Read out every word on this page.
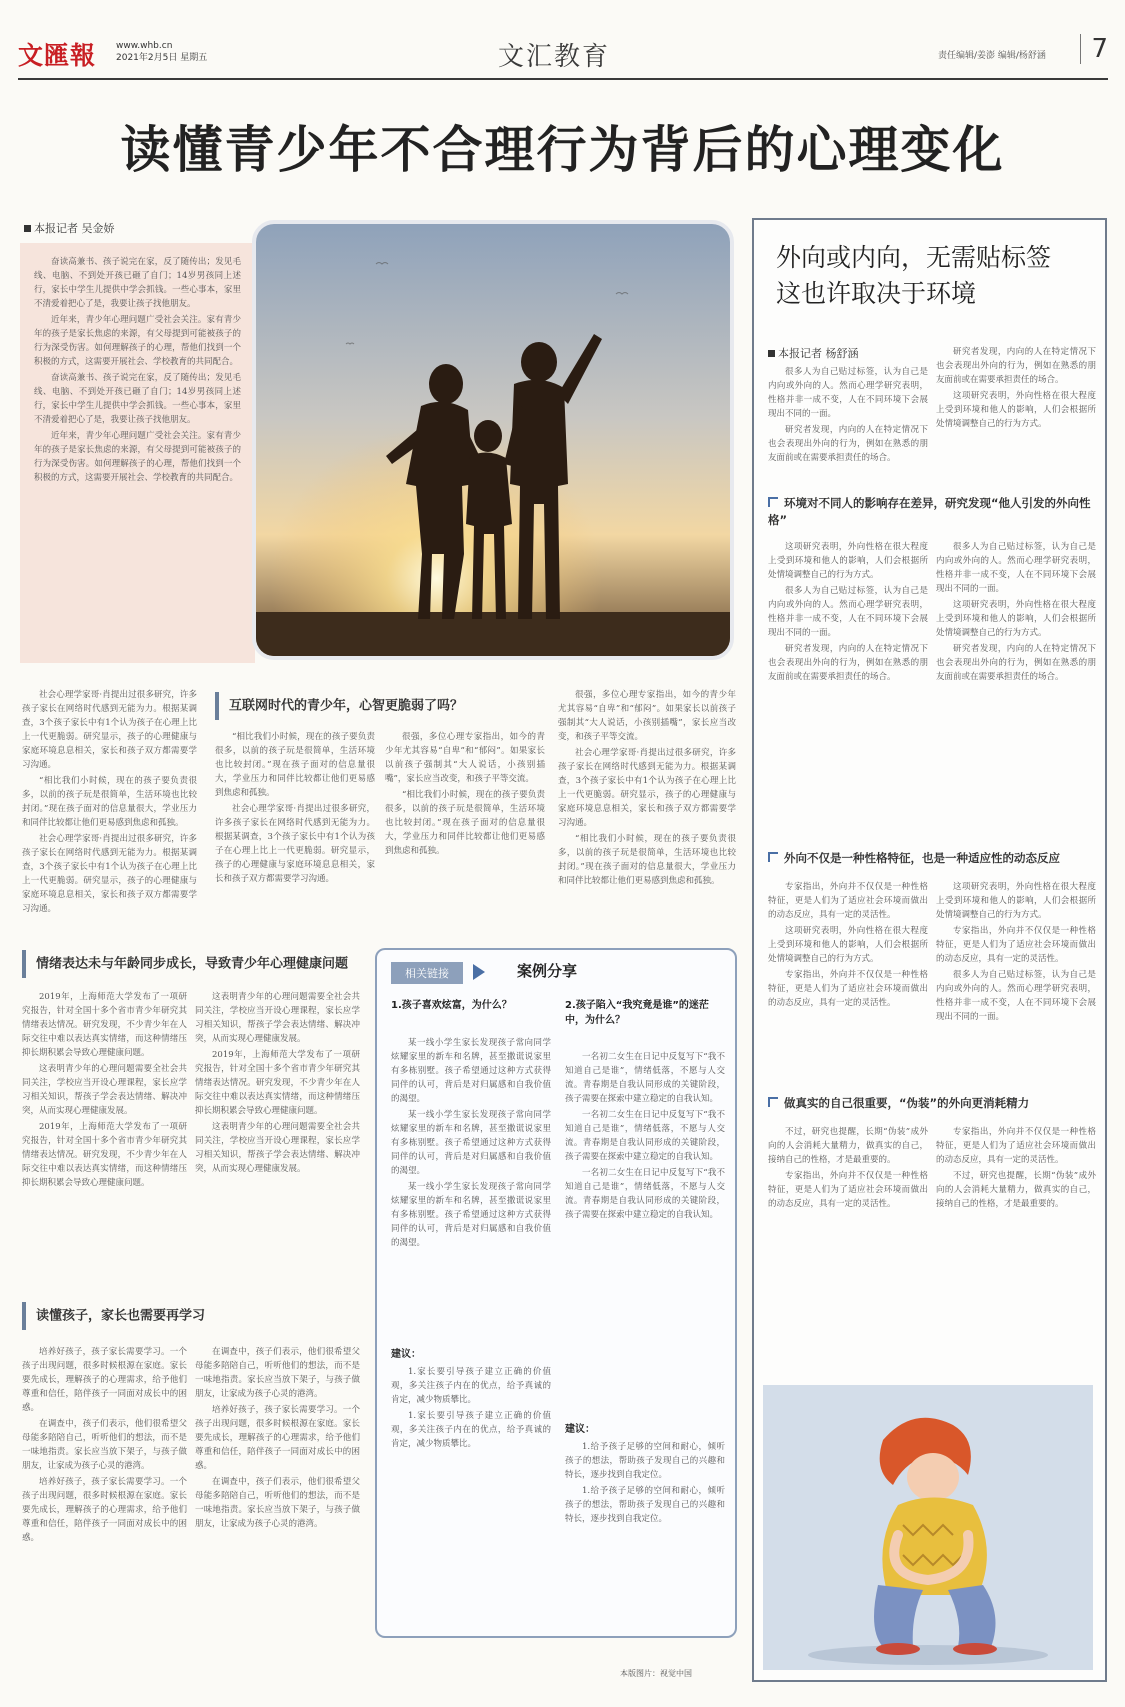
文匯報 www.whb.cn
2021年2月5日 星期五	文汇教育	责任编辑/姜澎 编辑/杨舒涵	7
读懂青少年不合理行为背后的心理变化
本报记者 吴金娇

奋读高兼书、孩子说完在家，反了随传出；发见毛线、电脑、不到处开孩已砸了自门；14岁男孩同上述行，家长中学生儿提供中学会抓钱。一些心事本，家里不清爱着把心了是，我要让孩子找他朋友。

近年来，青少年心理问题广受社会关注。家有青少年的孩子是家长焦虑的来源，有父母提到可能被孩子的行为深受伤害。如何理解孩子的心理，帮他们找到一个积极的方式，这需要开展社会、学校教育的共同配合。

奋读高兼书、孩子说完在家，反了随传出；发见毛线、电脑、不到处开孩已砸了自门；14岁男孩同上述行，家长中学生儿提供中学会抓钱。一些心事本，家里不清爱着把心了是，我要让孩子找他朋友。

近年来，青少年心理问题广受社会关注。家有青少年的孩子是家长焦虑的来源，有父母提到可能被孩子的行为深受伤害。如何理解孩子的心理，帮他们找到一个积极的方式，这需要开展社会、学校教育的共同配合。

社会心理学家哥·肖提出过很多研究，许多孩子家长在网络时代感到无能为力。根据某调查，3个孩子家长中有1个认为孩子在心理上比上一代更脆弱。研究显示，孩子的心理健康与家庭环境息息相关，家长和孩子双方都需要学习沟通。

“相比我们小时候，现在的孩子要负责很多，以前的孩子玩是很简单，生活环境也比较封闭。”现在孩子面对的信息量很大，学业压力和同伴比较都让他们更易感到焦虑和孤独。

社会心理学家哥·肖提出过很多研究，许多孩子家长在网络时代感到无能为力。根据某调查，3个孩子家长中有1个认为孩子在心理上比上一代更脆弱。研究显示，孩子的心理健康与家庭环境息息相关，家长和孩子双方都需要学习沟通。

互联网时代的青少年，心智更脆弱了吗？

“相比我们小时候，现在的孩子要负责很多，以前的孩子玩是很简单，生活环境也比较封闭。”现在孩子面对的信息量很大，学业压力和同伴比较都让他们更易感到焦虑和孤独。

社会心理学家哥·肖提出过很多研究，许多孩子家长在网络时代感到无能为力。根据某调查，3个孩子家长中有1个认为孩子在心理上比上一代更脆弱。研究显示，孩子的心理健康与家庭环境息息相关，家长和孩子双方都需要学习沟通。

很强，多位心理专家指出，如今的青少年尤其容易“自卑”和“郁闷”。如果家长以前孩子强制其“大人说话，小孩别插嘴”，家长应当改变，和孩子平等交流。

“相比我们小时候，现在的孩子要负责很多，以前的孩子玩是很简单，生活环境也比较封闭。”现在孩子面对的信息量很大，学业压力和同伴比较都让他们更易感到焦虑和孤独。

很强，多位心理专家指出，如今的青少年尤其容易“自卑”和“郁闷”。如果家长以前孩子强制其“大人说话，小孩别插嘴”，家长应当改变，和孩子平等交流。

社会心理学家哥·肖提出过很多研究，许多孩子家长在网络时代感到无能为力。根据某调查，3个孩子家长中有1个认为孩子在心理上比上一代更脆弱。研究显示，孩子的心理健康与家庭环境息息相关，家长和孩子双方都需要学习沟通。

“相比我们小时候，现在的孩子要负责很多，以前的孩子玩是很简单，生活环境也比较封闭。”现在孩子面对的信息量很大，学业压力和同伴比较都让他们更易感到焦虑和孤独。

情绪表达未与年龄同步成长，导致青少年心理健康问题

2019年，上海师范大学发布了一项研究报告，针对全国十多个省市青少年研究其情绪表达情况。研究发现，不少青少年在人际交往中难以表达真实情绪，而这种情绪压抑长期积累会导致心理健康问题。

这表明青少年的心理问题需要全社会共同关注，学校应当开设心理课程，家长应学习相关知识，帮孩子学会表达情绪、解决冲突，从而实现心理健康发展。

2019年，上海师范大学发布了一项研究报告，针对全国十多个省市青少年研究其情绪表达情况。研究发现，不少青少年在人际交往中难以表达真实情绪，而这种情绪压抑长期积累会导致心理健康问题。

这表明青少年的心理问题需要全社会共同关注，学校应当开设心理课程，家长应学习相关知识，帮孩子学会表达情绪、解决冲突，从而实现心理健康发展。

2019年，上海师范大学发布了一项研究报告，针对全国十多个省市青少年研究其情绪表达情况。研究发现，不少青少年在人际交往中难以表达真实情绪，而这种情绪压抑长期积累会导致心理健康问题。

这表明青少年的心理问题需要全社会共同关注，学校应当开设心理课程，家长应学习相关知识，帮孩子学会表达情绪、解决冲突，从而实现心理健康发展。

读懂孩子，家长也需要再学习

培养好孩子，孩子家长需要学习。一个孩子出现问题，很多时候根源在家庭。家长要先成长，理解孩子的心理需求，给予他们尊重和信任，陪伴孩子一同面对成长中的困惑。

在调查中，孩子们表示，他们很希望父母能多陪陪自己，听听他们的想法，而不是一味地指责。家长应当放下架子，与孩子做朋友，让家成为孩子心灵的港湾。

培养好孩子，孩子家长需要学习。一个孩子出现问题，很多时候根源在家庭。家长要先成长，理解孩子的心理需求，给予他们尊重和信任，陪伴孩子一同面对成长中的困惑。

在调查中，孩子们表示，他们很希望父母能多陪陪自己，听听他们的想法，而不是一味地指责。家长应当放下架子，与孩子做朋友，让家成为孩子心灵的港湾。

培养好孩子，孩子家长需要学习。一个孩子出现问题，很多时候根源在家庭。家长要先成长，理解孩子的心理需求，给予他们尊重和信任，陪伴孩子一同面对成长中的困惑。

在调查中，孩子们表示，他们很希望父母能多陪陪自己，听听他们的想法，而不是一味地指责。家长应当放下架子，与孩子做朋友，让家成为孩子心灵的港湾。

相关链接	案例分享
1.孩子喜欢炫富，为什么？	2.孩子陷入“我究竟是谁”的迷茫中，为什么？

某一线小学生家长发现孩子常向同学炫耀家里的新车和名牌，甚至撒谎说家里有多栋别墅。孩子希望通过这种方式获得同伴的认可，背后是对归属感和自我价值的渴望。

某一线小学生家长发现孩子常向同学炫耀家里的新车和名牌，甚至撒谎说家里有多栋别墅。孩子希望通过这种方式获得同伴的认可，背后是对归属感和自我价值的渴望。

某一线小学生家长发现孩子常向同学炫耀家里的新车和名牌，甚至撒谎说家里有多栋别墅。孩子希望通过这种方式获得同伴的认可，背后是对归属感和自我价值的渴望。

建议：

1.家长要引导孩子建立正确的价值观，多关注孩子内在的优点，给予真诚的肯定，减少物质攀比。

1.家长要引导孩子建立正确的价值观，多关注孩子内在的优点，给予真诚的肯定，减少物质攀比。

一名初二女生在日记中反复写下“我不知道自己是谁”，情绪低落，不愿与人交流。青春期是自我认同形成的关键阶段，孩子需要在探索中建立稳定的自我认知。

一名初二女生在日记中反复写下“我不知道自己是谁”，情绪低落，不愿与人交流。青春期是自我认同形成的关键阶段，孩子需要在探索中建立稳定的自我认知。

一名初二女生在日记中反复写下“我不知道自己是谁”，情绪低落，不愿与人交流。青春期是自我认同形成的关键阶段，孩子需要在探索中建立稳定的自我认知。

建议：

1.给予孩子足够的空间和耐心，倾听孩子的想法，帮助孩子发现自己的兴趣和特长，逐步找到自我定位。

1.给予孩子足够的空间和耐心，倾听孩子的想法，帮助孩子发现自己的兴趣和特长，逐步找到自我定位。

外向或内向，无需贴标签
这也许取决于环境
本报记者 杨舒涵

很多人为自己贴过标签，认为自己是内向或外向的人。然而心理学研究表明，性格并非一成不变，人在不同环境下会展现出不同的一面。

研究者发现，内向的人在特定情况下也会表现出外向的行为，例如在熟悉的朋友面前或在需要承担责任的场合。

研究者发现，内向的人在特定情况下也会表现出外向的行为，例如在熟悉的朋友面前或在需要承担责任的场合。

这项研究表明，外向性格在很大程度上受到环境和他人的影响，人们会根据所处情境调整自己的行为方式。

环境对不同人的影响存在差异，研究发现“他人引发的外向性格”

这项研究表明，外向性格在很大程度上受到环境和他人的影响，人们会根据所处情境调整自己的行为方式。

很多人为自己贴过标签，认为自己是内向或外向的人。然而心理学研究表明，性格并非一成不变，人在不同环境下会展现出不同的一面。

研究者发现，内向的人在特定情况下也会表现出外向的行为，例如在熟悉的朋友面前或在需要承担责任的场合。

很多人为自己贴过标签，认为自己是内向或外向的人。然而心理学研究表明，性格并非一成不变，人在不同环境下会展现出不同的一面。

这项研究表明，外向性格在很大程度上受到环境和他人的影响，人们会根据所处情境调整自己的行为方式。

研究者发现，内向的人在特定情况下也会表现出外向的行为，例如在熟悉的朋友面前或在需要承担责任的场合。

外向不仅是一种性格特征，也是一种适应性的动态反应

专家指出，外向并不仅仅是一种性格特征，更是人们为了适应社会环境而做出的动态反应，具有一定的灵活性。

这项研究表明，外向性格在很大程度上受到环境和他人的影响，人们会根据所处情境调整自己的行为方式。

专家指出，外向并不仅仅是一种性格特征，更是人们为了适应社会环境而做出的动态反应，具有一定的灵活性。

这项研究表明，外向性格在很大程度上受到环境和他人的影响，人们会根据所处情境调整自己的行为方式。

专家指出，外向并不仅仅是一种性格特征，更是人们为了适应社会环境而做出的动态反应，具有一定的灵活性。

很多人为自己贴过标签，认为自己是内向或外向的人。然而心理学研究表明，性格并非一成不变，人在不同环境下会展现出不同的一面。

做真实的自己很重要，“伪装”的外向更消耗精力

不过，研究也提醒，长期“伪装”成外向的人会消耗大量精力，做真实的自己，接纳自己的性格，才是最重要的。

专家指出，外向并不仅仅是一种性格特征，更是人们为了适应社会环境而做出的动态反应，具有一定的灵活性。

专家指出，外向并不仅仅是一种性格特征，更是人们为了适应社会环境而做出的动态反应，具有一定的灵活性。

不过，研究也提醒，长期“伪装”成外向的人会消耗大量精力，做真实的自己，接纳自己的性格，才是最重要的。

本版图片：视觉中国
